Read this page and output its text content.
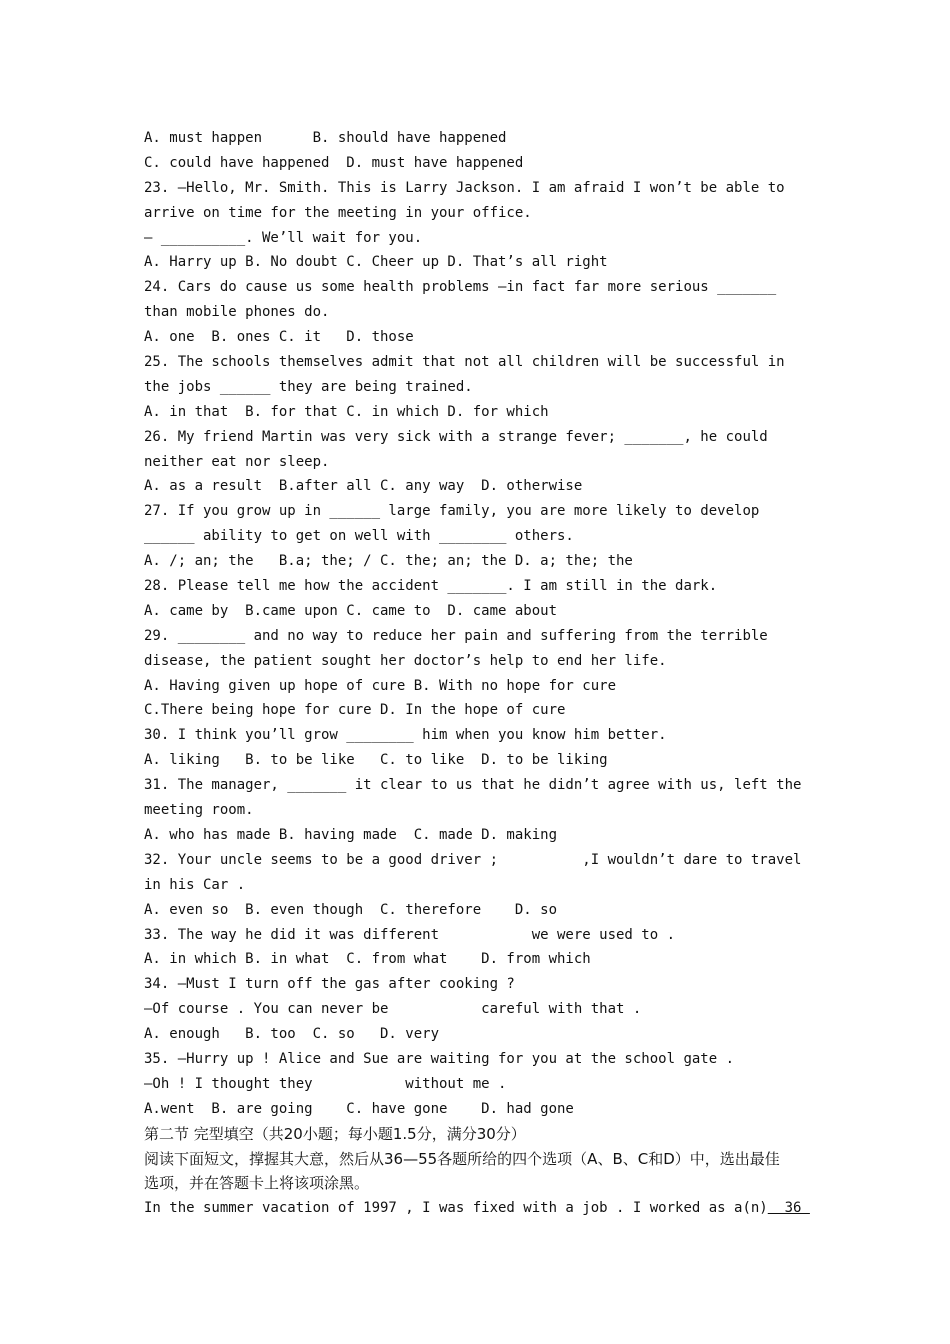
A. must happen      B. should have happened
C. could have happened  D. must have happened
23. —Hello, Mr. Smith. This is Larry Jackson. I am afraid I won’t be able to
arrive on time for the meeting in your office.
— __________. We’ll wait for you.
A. Harry up B. No doubt C. Cheer up D. That’s all right
24. Cars do cause us some health problems —in fact far more serious _______
than mobile phones do.
A. one  B. ones C. it   D. those
25. The schools themselves admit that not all children will be successful in
the jobs ______ they are being trained.
A. in that  B. for that C. in which D. for which
26. My friend Martin was very sick with a strange fever; _______, he could
neither eat nor sleep.
A. as a result  B.after all C. any way  D. otherwise
27. If you grow up in ______ large family, you are more likely to develop
______ ability to get on well with ________ others.
A. /; an; the   B.a; the; / C. the; an; the D. a; the; the
28. Please tell me how the accident _______. I am still in the dark.
A. came by  B.came upon C. came to  D. came about
29. ________ and no way to reduce her pain and suffering from the terrible
disease, the patient sought her doctor’s help to end her life.
A. Having given up hope of cure B. With no hope for cure
C.There being hope for cure D. In the hope of cure
30. I think you’ll grow ________ him when you know him better.
A. liking   B. to be like   C. to like  D. to be liking
31. The manager, _______ it clear to us that he didn’t agree with us, left the
meeting room.
A. who has made B. having made  C. made D. making
32. Your uncle seems to be a good driver ;          ,I wouldn’t dare to travel
in his Car .
A. even so  B. even though  C. therefore    D. so
33. The way he did it was different           we were used to .
A. in which B. in what  C. from what    D. from which
34. —Must I turn off the gas after cooking ?
—Of course . You can never be           careful with that .
A. enough   B. too  C. so   D. very
35. —Hurry up ! Alice and Sue are waiting for you at the school gate .
—Oh ! I thought they           without me .
A.went  B. are going    C. have gone    D. had gone
第二节 完型填空（共20小题；每小题1.5分，满分30分）
阅读下面短文，撑握其大意，然后从36—55各题所给的四个选项（A、B、C和D）中，选出最佳
选项，并在答题卡上将该项涂黑。
In the summer vacation of 1997 , I was fixed with a job . I worked as a(n)  36
